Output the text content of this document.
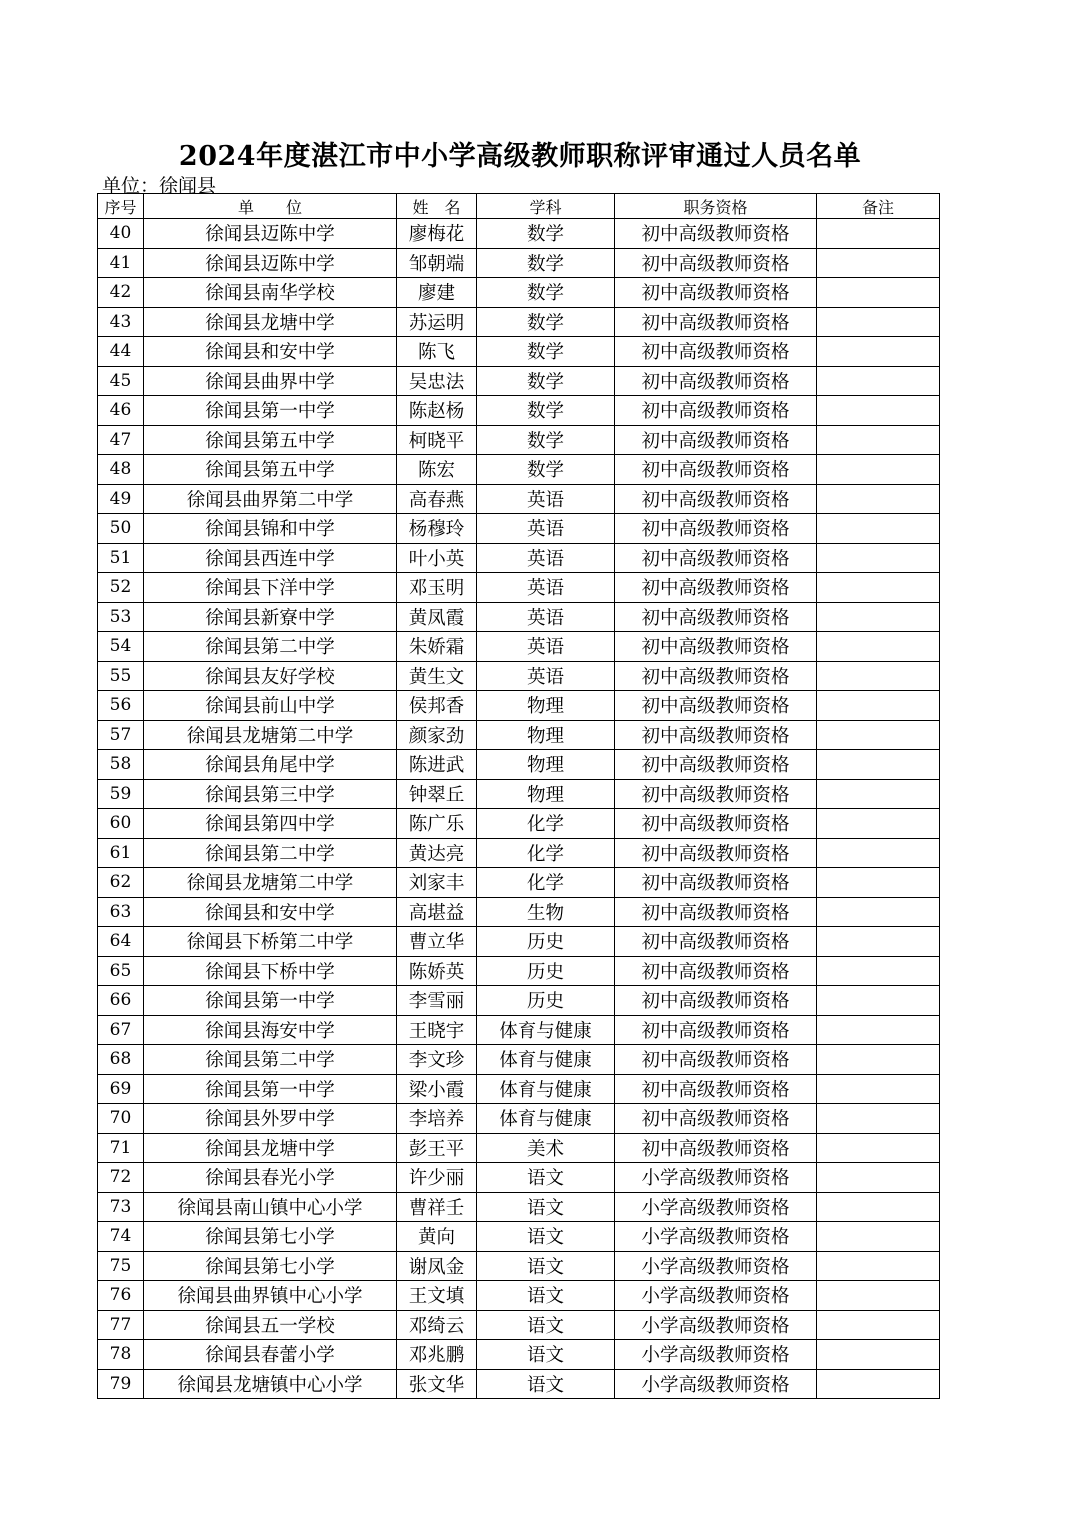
2024年度湛江市中小学高级教师职称评审通过人员名单
单位：徐闻县
序号	单　　位	姓　名	学科	职务资格	备注
40	徐闻县迈陈中学	廖梅花	数学	初中高级教师资格	
41	徐闻县迈陈中学	邹朝端	数学	初中高级教师资格	
42	徐闻县南华学校	廖建	数学	初中高级教师资格	
43	徐闻县龙塘中学	苏运明	数学	初中高级教师资格	
44	徐闻县和安中学	陈飞	数学	初中高级教师资格	
45	徐闻县曲界中学	吴忠法	数学	初中高级教师资格	
46	徐闻县第一中学	陈赵杨	数学	初中高级教师资格	
47	徐闻县第五中学	柯晓平	数学	初中高级教师资格	
48	徐闻县第五中学	陈宏	数学	初中高级教师资格	
49	徐闻县曲界第二中学	高春燕	英语	初中高级教师资格	
50	徐闻县锦和中学	杨穆玲	英语	初中高级教师资格	
51	徐闻县西连中学	叶小英	英语	初中高级教师资格	
52	徐闻县下洋中学	邓玉明	英语	初中高级教师资格	
53	徐闻县新寮中学	黄凤霞	英语	初中高级教师资格	
54	徐闻县第二中学	朱娇霜	英语	初中高级教师资格	
55	徐闻县友好学校	黄生文	英语	初中高级教师资格	
56	徐闻县前山中学	侯邦香	物理	初中高级教师资格	
57	徐闻县龙塘第二中学	颜家劲	物理	初中高级教师资格	
58	徐闻县角尾中学	陈进武	物理	初中高级教师资格	
59	徐闻县第三中学	钟翠丘	物理	初中高级教师资格	
60	徐闻县第四中学	陈广乐	化学	初中高级教师资格	
61	徐闻县第二中学	黄达亮	化学	初中高级教师资格	
62	徐闻县龙塘第二中学	刘家丰	化学	初中高级教师资格	
63	徐闻县和安中学	高堪益	生物	初中高级教师资格	
64	徐闻县下桥第二中学	曹立华	历史	初中高级教师资格	
65	徐闻县下桥中学	陈娇英	历史	初中高级教师资格	
66	徐闻县第一中学	李雪丽	历史	初中高级教师资格	
67	徐闻县海安中学	王晓宇	体育与健康	初中高级教师资格	
68	徐闻县第二中学	李文珍	体育与健康	初中高级教师资格	
69	徐闻县第一中学	梁小霞	体育与健康	初中高级教师资格	
70	徐闻县外罗中学	李培养	体育与健康	初中高级教师资格	
71	徐闻县龙塘中学	彭王平	美术	初中高级教师资格	
72	徐闻县春光小学	许少丽	语文	小学高级教师资格	
73	徐闻县南山镇中心小学	曹祥壬	语文	小学高级教师资格	
74	徐闻县第七小学	黄向	语文	小学高级教师资格	
75	徐闻县第七小学	谢凤金	语文	小学高级教师资格	
76	徐闻县曲界镇中心小学	王文填	语文	小学高级教师资格	
77	徐闻县五一学校	邓绮云	语文	小学高级教师资格	
78	徐闻县春蕾小学	邓兆鹏	语文	小学高级教师资格	
79	徐闻县龙塘镇中心小学	张文华	语文	小学高级教师资格	
